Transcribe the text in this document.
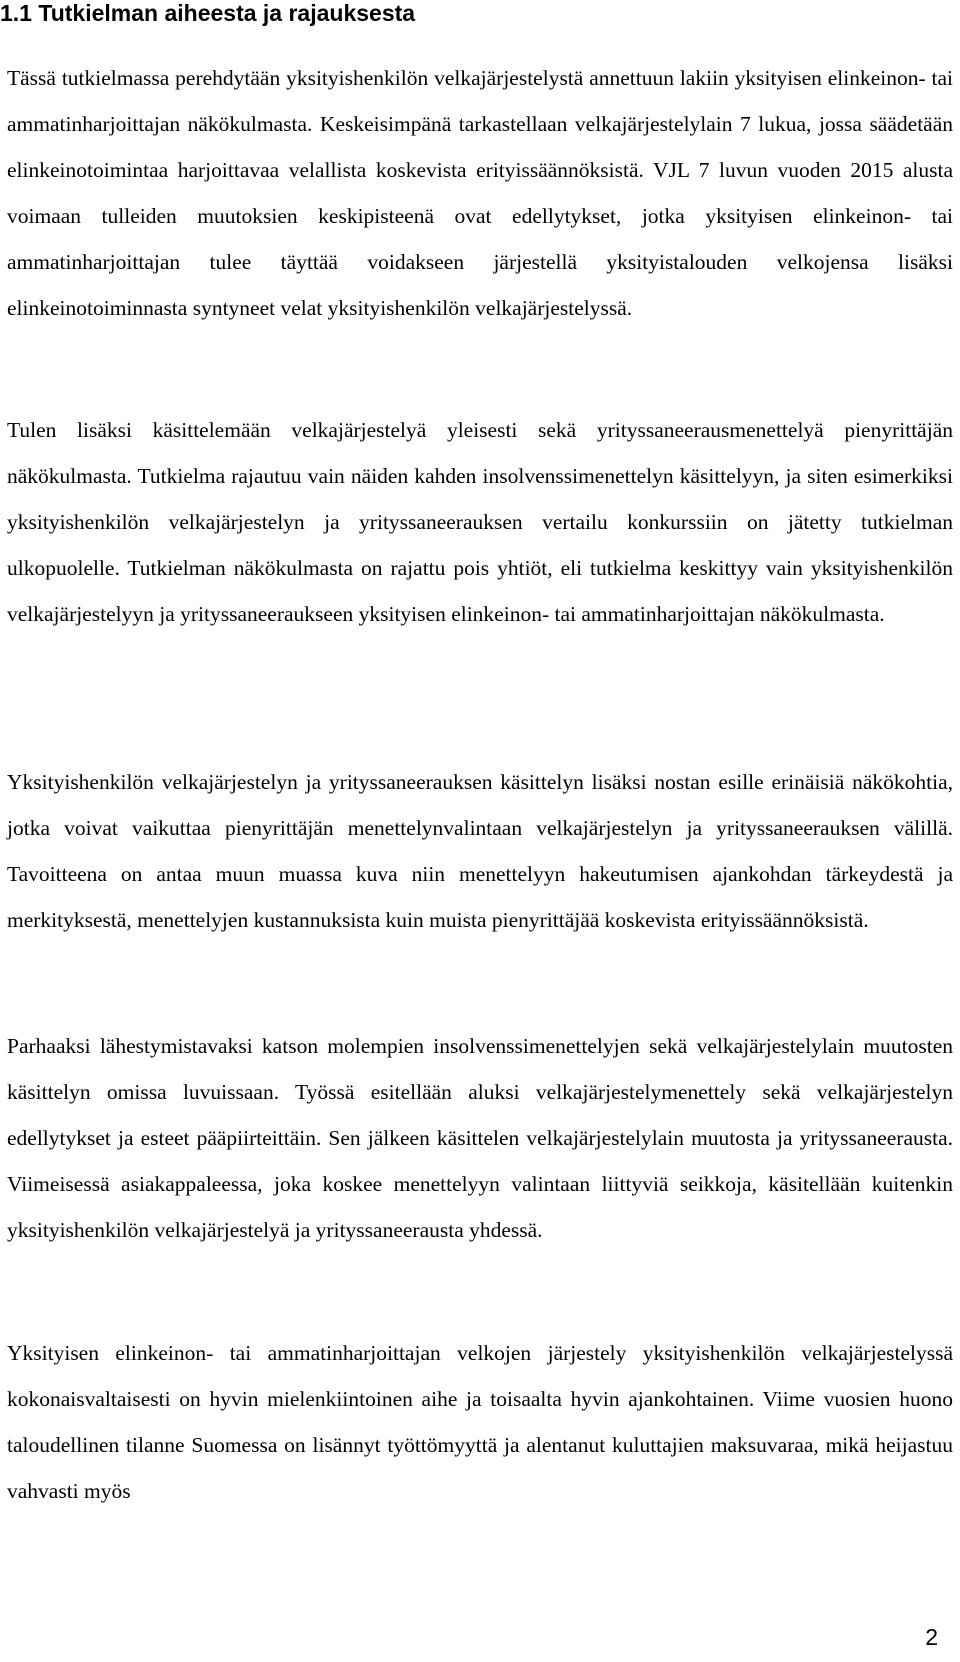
1.1 Tutkielman aiheesta ja rajauksesta

Tässä tutkielmassa perehdytään yksityishenkilön velkajärjestelystä annettuun lakiin yksityisen elinkeinon- tai ammatinharjoittajan näkökulmasta. Keskeisimpänä tarkastellaan velkajärjestelylain 7 lukua, jossa säädetään elinkeinotoimintaa harjoittavaa velallista koskevista erityissäännöksistä. VJL 7 luvun vuoden 2015 alusta voimaan tulleiden muutoksien keskipisteenä ovat edellytykset, jotka yksityisen elinkeinon- tai ammatinharjoittajan tulee täyttää voidakseen järjestellä yksityistalouden velkojensa lisäksi elinkeinotoiminnasta syntyneet velat yksityishenkilön velkajärjestelyssä.

Tulen lisäksi käsittelemään velkajärjestelyä yleisesti sekä yrityssaneerausmenettelyä pienyrittäjän näkökulmasta. Tutkielma rajautuu vain näiden kahden insolvenssimenettelyn käsittelyyn, ja siten esimerkiksi yksityishenkilön velkajärjestelyn ja yrityssaneerauksen vertailu konkurssiin on jätetty tutkielman ulkopuolelle. Tutkielman näkökulmasta on rajattu pois yhtiöt, eli tutkielma keskittyy vain yksityishenkilön velkajärjestelyyn ja yrityssaneeraukseen yksityisen elinkeinon- tai ammatinharjoittajan näkökulmasta.

Yksityishenkilön velkajärjestelyn ja yrityssaneerauksen käsittelyn lisäksi nostan esille erinäisiä näkökohtia, jotka voivat vaikuttaa pienyrittäjän menettelynvalintaan velkajärjestelyn ja yrityssaneerauksen välillä. Tavoitteena on antaa muun muassa kuva niin menettelyyn hakeutumisen ajankohdan tärkeydestä ja merkityksestä, menettelyjen kustannuksista kuin muista pienyrittäjää koskevista erityissäännöksistä.

Parhaaksi lähestymistavaksi katson molempien insolvenssimenettelyjen sekä velkajärjestelylain muutosten käsittelyn omissa luvuissaan. Työssä esitellään aluksi velkajärjestelymenettely sekä velkajärjestelyn edellytykset ja esteet pääpiirteittäin. Sen jälkeen käsittelen velkajärjestelylain muutosta ja yrityssaneerausta. Viimeisessä asiakappaleessa, joka koskee menettelyyn valintaan liittyviä seikkoja, käsitellään kuitenkin yksityishenkilön velkajärjestelyä ja yrityssaneerausta yhdessä.

Yksityisen elinkeinon- tai ammatinharjoittajan velkojen järjestely yksityishenkilön velkajärjestelyssä kokonaisvaltaisesti on hyvin mielenkiintoinen aihe ja toisaalta hyvin ajankohtainen. Viime vuosien huono taloudellinen tilanne Suomessa on lisännyt työttömyyttä ja alentanut kuluttajien maksuvaraa, mikä heijastuu vahvasti myös

2
